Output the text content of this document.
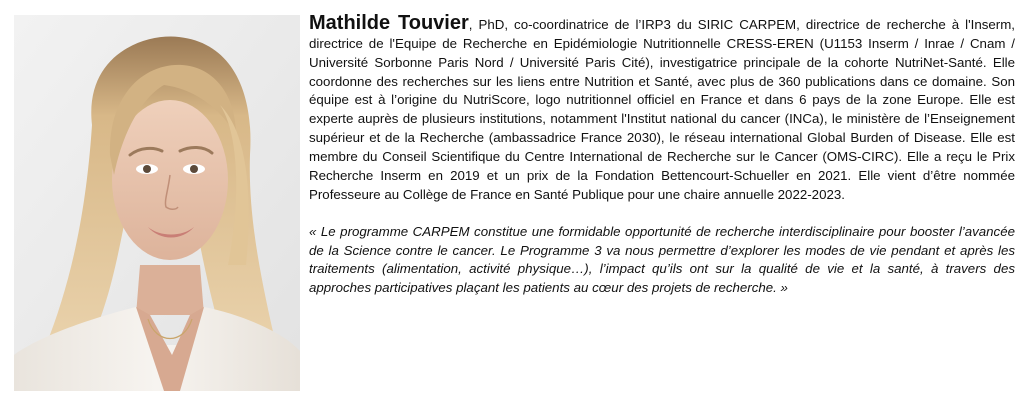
Mathilde Touvier, PhD, co-coordinatrice de l’IRP3 du SIRIC CARPEM, directrice de recherche à l'Inserm, directrice de l'Equipe de Recherche en Epidémiologie Nutritionnelle CRESS-EREN (U1153 Inserm / Inrae / Cnam / Université Sorbonne Paris Nord / Université Paris Cité), investigatrice principale de la cohorte NutriNet-Santé. Elle coordonne des recherches sur les liens entre Nutrition et Santé, avec plus de 360 publications dans ce domaine. Son équipe est à l’origine du NutriScore, logo nutritionnel officiel en France et dans 6 pays de la zone Europe. Elle est experte auprès de plusieurs institutions, notamment l'Institut national du cancer (INCa), le ministère de l’Enseignement supérieur et de la Recherche (ambassadrice France 2030), le réseau international Global Burden of Disease. Elle est membre du Conseil Scientifique du Centre International de Recherche sur le Cancer (OMS-CIRC). Elle a reçu le Prix Recherche Inserm en 2019 et un prix de la Fondation Bettencourt-Schueller en 2021. Elle vient d’être nommée Professeure au Collège de France en Santé Publique pour une chaire annuelle 2022-2023.

« Le programme CARPEM constitue une formidable opportunité de recherche interdisciplinaire pour booster l’avancée de la Science contre le cancer. Le Programme 3 va nous permettre d’explorer les modes de vie pendant et après les traitements (alimentation, activité physique…), l’impact qu’ils ont sur la qualité de vie et la santé, à travers des approches participatives plaçant les patients au cœur des projets de recherche. »
